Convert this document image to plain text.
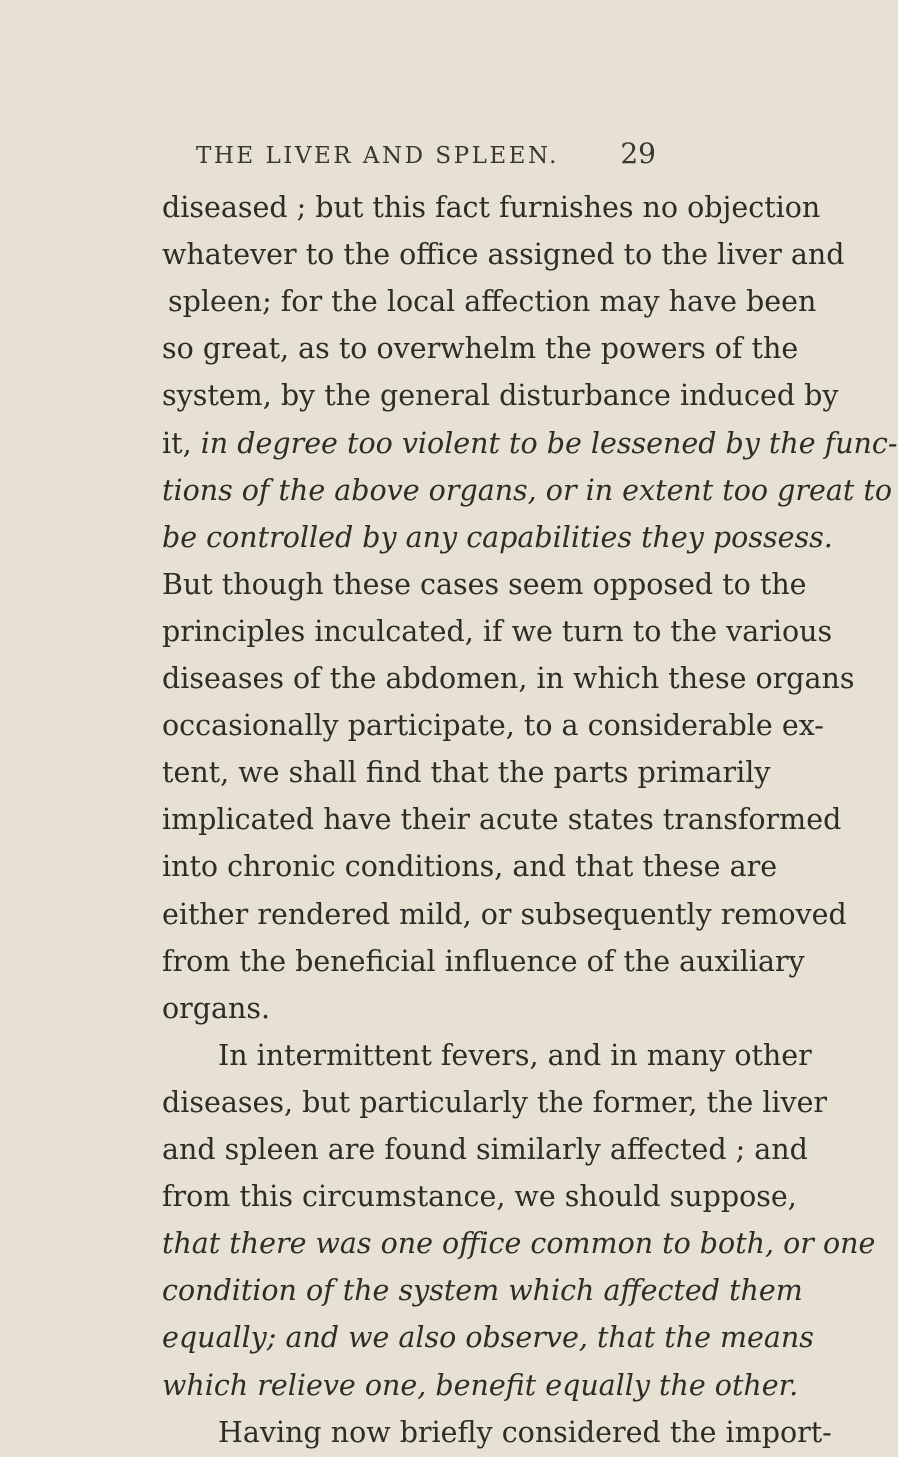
THE LIVER AND SPLEEN. 29
diseased ; but this fact furnishes no objection
whatever to the office assigned to the liver and
spleen; for the local affection may have been
so great, as to overwhelm the powers of the
system, by the general disturbance induced by
it, in degree too violent to be lessened by the func-
tions of the above organs, or in extent too great to
be controlled by any capabilities they possess.
But though these cases seem opposed to the
principles inculcated, if we turn to the various
diseases of the abdomen, in which these organs
occasionally participate, to a considerable ex-
tent, we shall find that the parts primarily
implicated have their acute states transformed
into chronic conditions, and that these are
either rendered mild, or subsequently removed
from the beneficial influence of the auxiliary
organs.
In intermittent fevers, and in many other
diseases, but particularly the former, the liver
and spleen are found similarly affected ; and
from this circumstance, we should suppose,
that there was one office common to both, or one
condition of the system which affected them
equally; and we also observe, that the means
which relieve one, benefit equally the other.
Having now briefly considered the import-
